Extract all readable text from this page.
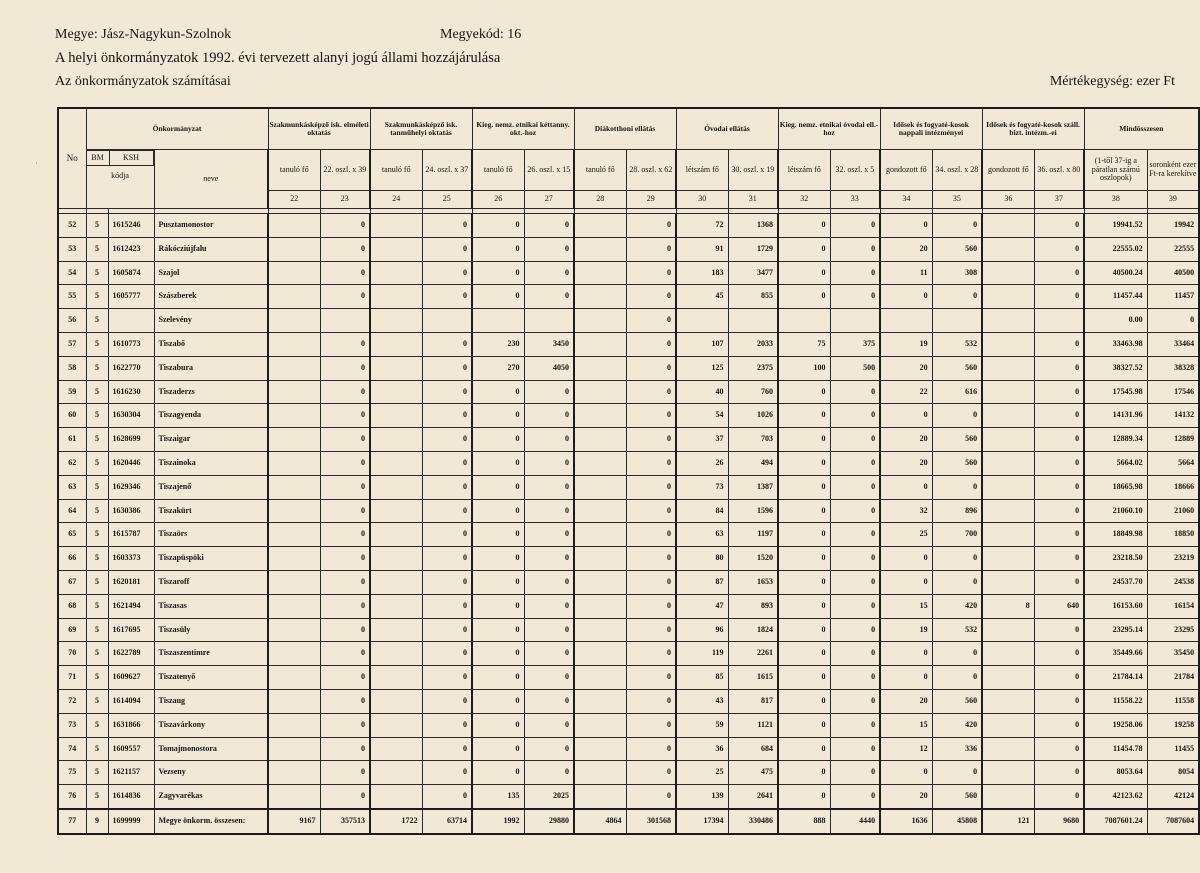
Megye: Jász-Nagykun-Szolnok	Megyekód: 16
A helyi önkormányzatok 1992. évi tervezett alanyi jogú állami hozzájárulása
Az önkormányzatok számításai	Mértékegység: ezer Ft
·
No	Önkormányzat			Szakmunkásképző isk. elméleti oktatás		Szakmunkásképző isk. tanműhelyi oktatás		Kieg. nemz. etnikai kéttanny. okt.-hoz		Diákotthoni ellátás		Óvodai ellátás		Kieg. nemz. etnikai óvodai ell.-hoz		Idősek és fogyaté-kosok nappali intézményei		Idősek és fogyaté-kosok száll. bizt. intézm.-ei		Mindösszesen	

	BM KSH
kódja		neve	tanuló fő	22. oszl. x 39	tanuló fő	24. oszl. x 37	tanuló fő	26. oszl. x 15	tanuló fő	28. oszl. x 62	létszám fő	30. oszl. x 19	létszám fő	32. oszl. x 5	gondozott fő	34. oszl. x 28	gondozott fő	36. oszl. x 80	(1-től 37-ig a páratlan számú oszlopok)	soronként ezer Ft-ra kerekítve
				22	23	24	25	26	27	28	29	30	31	32	33	34	35	36	37	38	39

52	5	1615246	Pusztamonostor		0		0	0	0		0	72	1368	0	0	0	0		0	19941.52	19942
53	5	1612423	Rákócziújfalu		0		0	0	0		0	91	1729	0	0	20	560		0	22555.02	22555
54	5	1605874	Szajol		0		0	0	0		0	183	3477	0	0	11	308		0	40500.24	40500
55	5	1605777	Szászberek		0		0	0	0		0	45	855	0	0	0	0		0	11457.44	11457
56	5		Szelevény								0									0.00	0
57	5	1610773	Tiszabő		0		0	230	3450		0	107	2033	75	375	19	532		0	33463.98	33464
58	5	1622770	Tiszabura		0		0	270	4050		0	125	2375	100	500	20	560		0	38327.52	38328
59	5	1616230	Tiszaderzs		0		0	0	0		0	40	760	0	0	22	616		0	17545.98	17546
60	5	1630304	Tiszagyenda		0		0	0	0		0	54	1026	0	0	0	0		0	14131.96	14132
61	5	1628699	Tiszaigar		0		0	0	0		0	37	703	0	0	20	560		0	12889.34	12889
62	5	1620446	Tiszainoka		0		0	0	0		0	26	494	0	0	20	560		0	5664.02	5664
63	5	1629346	Tiszajenő		0		0	0	0		0	73	1387	0	0	0	0		0	18665.98	18666
64	5	1630386	Tiszakürt		0		0	0	0		0	84	1596	0	0	32	896		0	21060.10	21060
65	5	1615787	Tiszaörs		0		0	0	0		0	63	1197	0	0	25	700		0	18849.98	18850
66	5	1603373	Tiszapüspöki		0		0	0	0		0	80	1520	0	0	0	0		0	23218.50	23219
67	5	1620181	Tiszaroff		0		0	0	0		0	87	1653	0	0	0	0		0	24537.70	24538
68	5	1621494	Tiszasas		0		0	0	0		0	47	893	0	0	15	420	8	640	16153.60	16154
69	5	1617695	Tiszasüly		0		0	0	0		0	96	1824	0	0	19	532		0	23295.14	23295
70	5	1622789	Tiszaszentimre		0		0	0	0		0	119	2261	0	0	0	0		0	35449.66	35450
71	5	1609627	Tiszatenyő		0		0	0	0		0	85	1615	0	0	0	0		0	21784.14	21784
72	5	1614094	Tiszaug		0		0	0	0		0	43	817	0	0	20	560		0	11558.22	11558
73	5	1631866	Tiszavárkony		0		0	0	0		0	59	1121	0	0	15	420		0	19258.06	19258
74	5	1609557	Tomajmonostora		0		0	0	0		0	36	684	0	0	12	336		0	11454.78	11455
75	5	1621157	Vezseny		0		0	0	0		0	25	475	0	0	0	0		0	8053.64	8054
76	5	1614836	Zagyvarékas		0		0	135	2025		0	139	2641	0	0	20	560		0	42123.62	42124
77	9	1699999	Megye önkorm. összesen:	9167	357513	1722	63714	1992	29880	4864	301568	17394	330486	888	4440	1636	45808	121	9680	7087601.24	7087604
